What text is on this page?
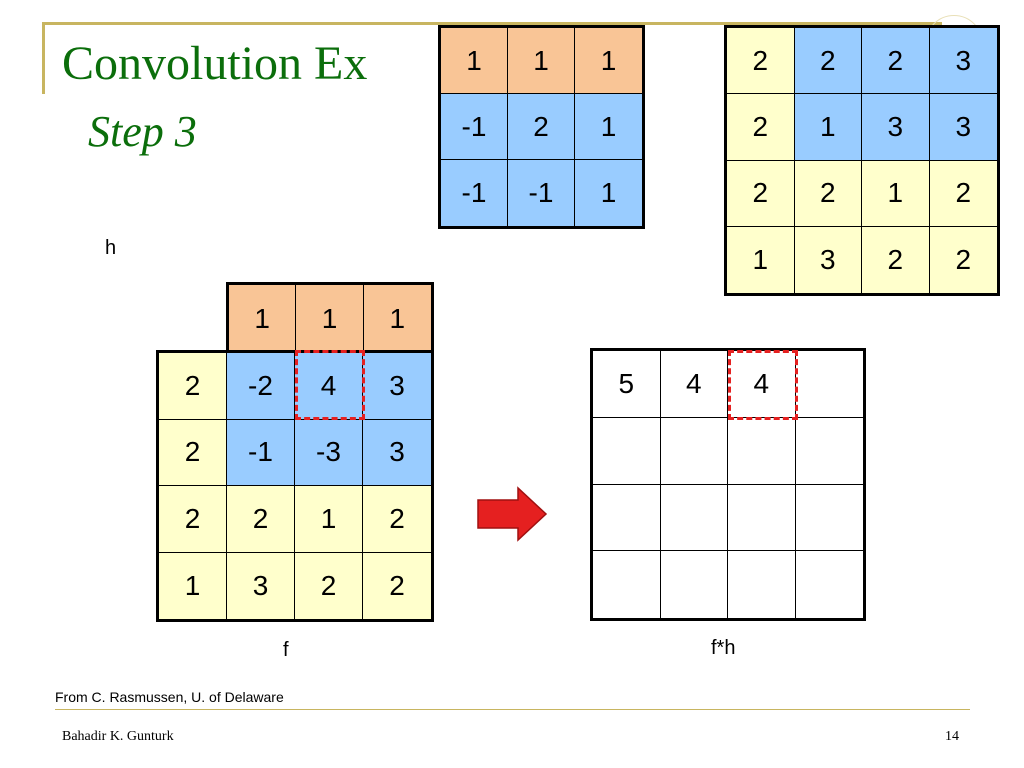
Convolution Ex
Step 3
1	1	1
-1	2	1
-1	-1	1
h
2	2	2	3
2	1	3	3
2	2	1	2
1	3	2	2
1	1	1
2	-2	4	3
2	-1	-3	3
2	2	1	2
1	3	2	2
f
5	4	4
f*h
From C. Rasmussen, U. of Delaware
Bahadir K. Gunturk	14
